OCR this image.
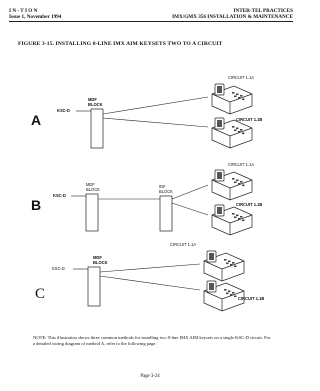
I N - T I O N
Issue 1, November 1994
INTER-TEL PRACTICES
IMX/GMX 356 INSTALLATION & MAINTENANCE
FIGURE 3-15. INSTALLING 8-LINE IMX AIM KEYSETS TWO TO A CIRCUIT
A
MDF
BLOCK
KSC-D
CIRCUIT 1.1A
CIRCUIT 1.1B
B
MDF
BLOCK
IDF
BLOCK
KSC-D
CIRCUIT 1.1A
CIRCUIT 1.1B
C
MDF
BLOCK
KSC-D
CIRCUIT 1.1A
CIRCUIT 1.1B
NOTE: This illustration shows three common methods for installing two 8-line IMX AIM keysets on a single KSC-D circuit. For a detailed wiring diagram of method A, refer to the following page.
Page 3-24
